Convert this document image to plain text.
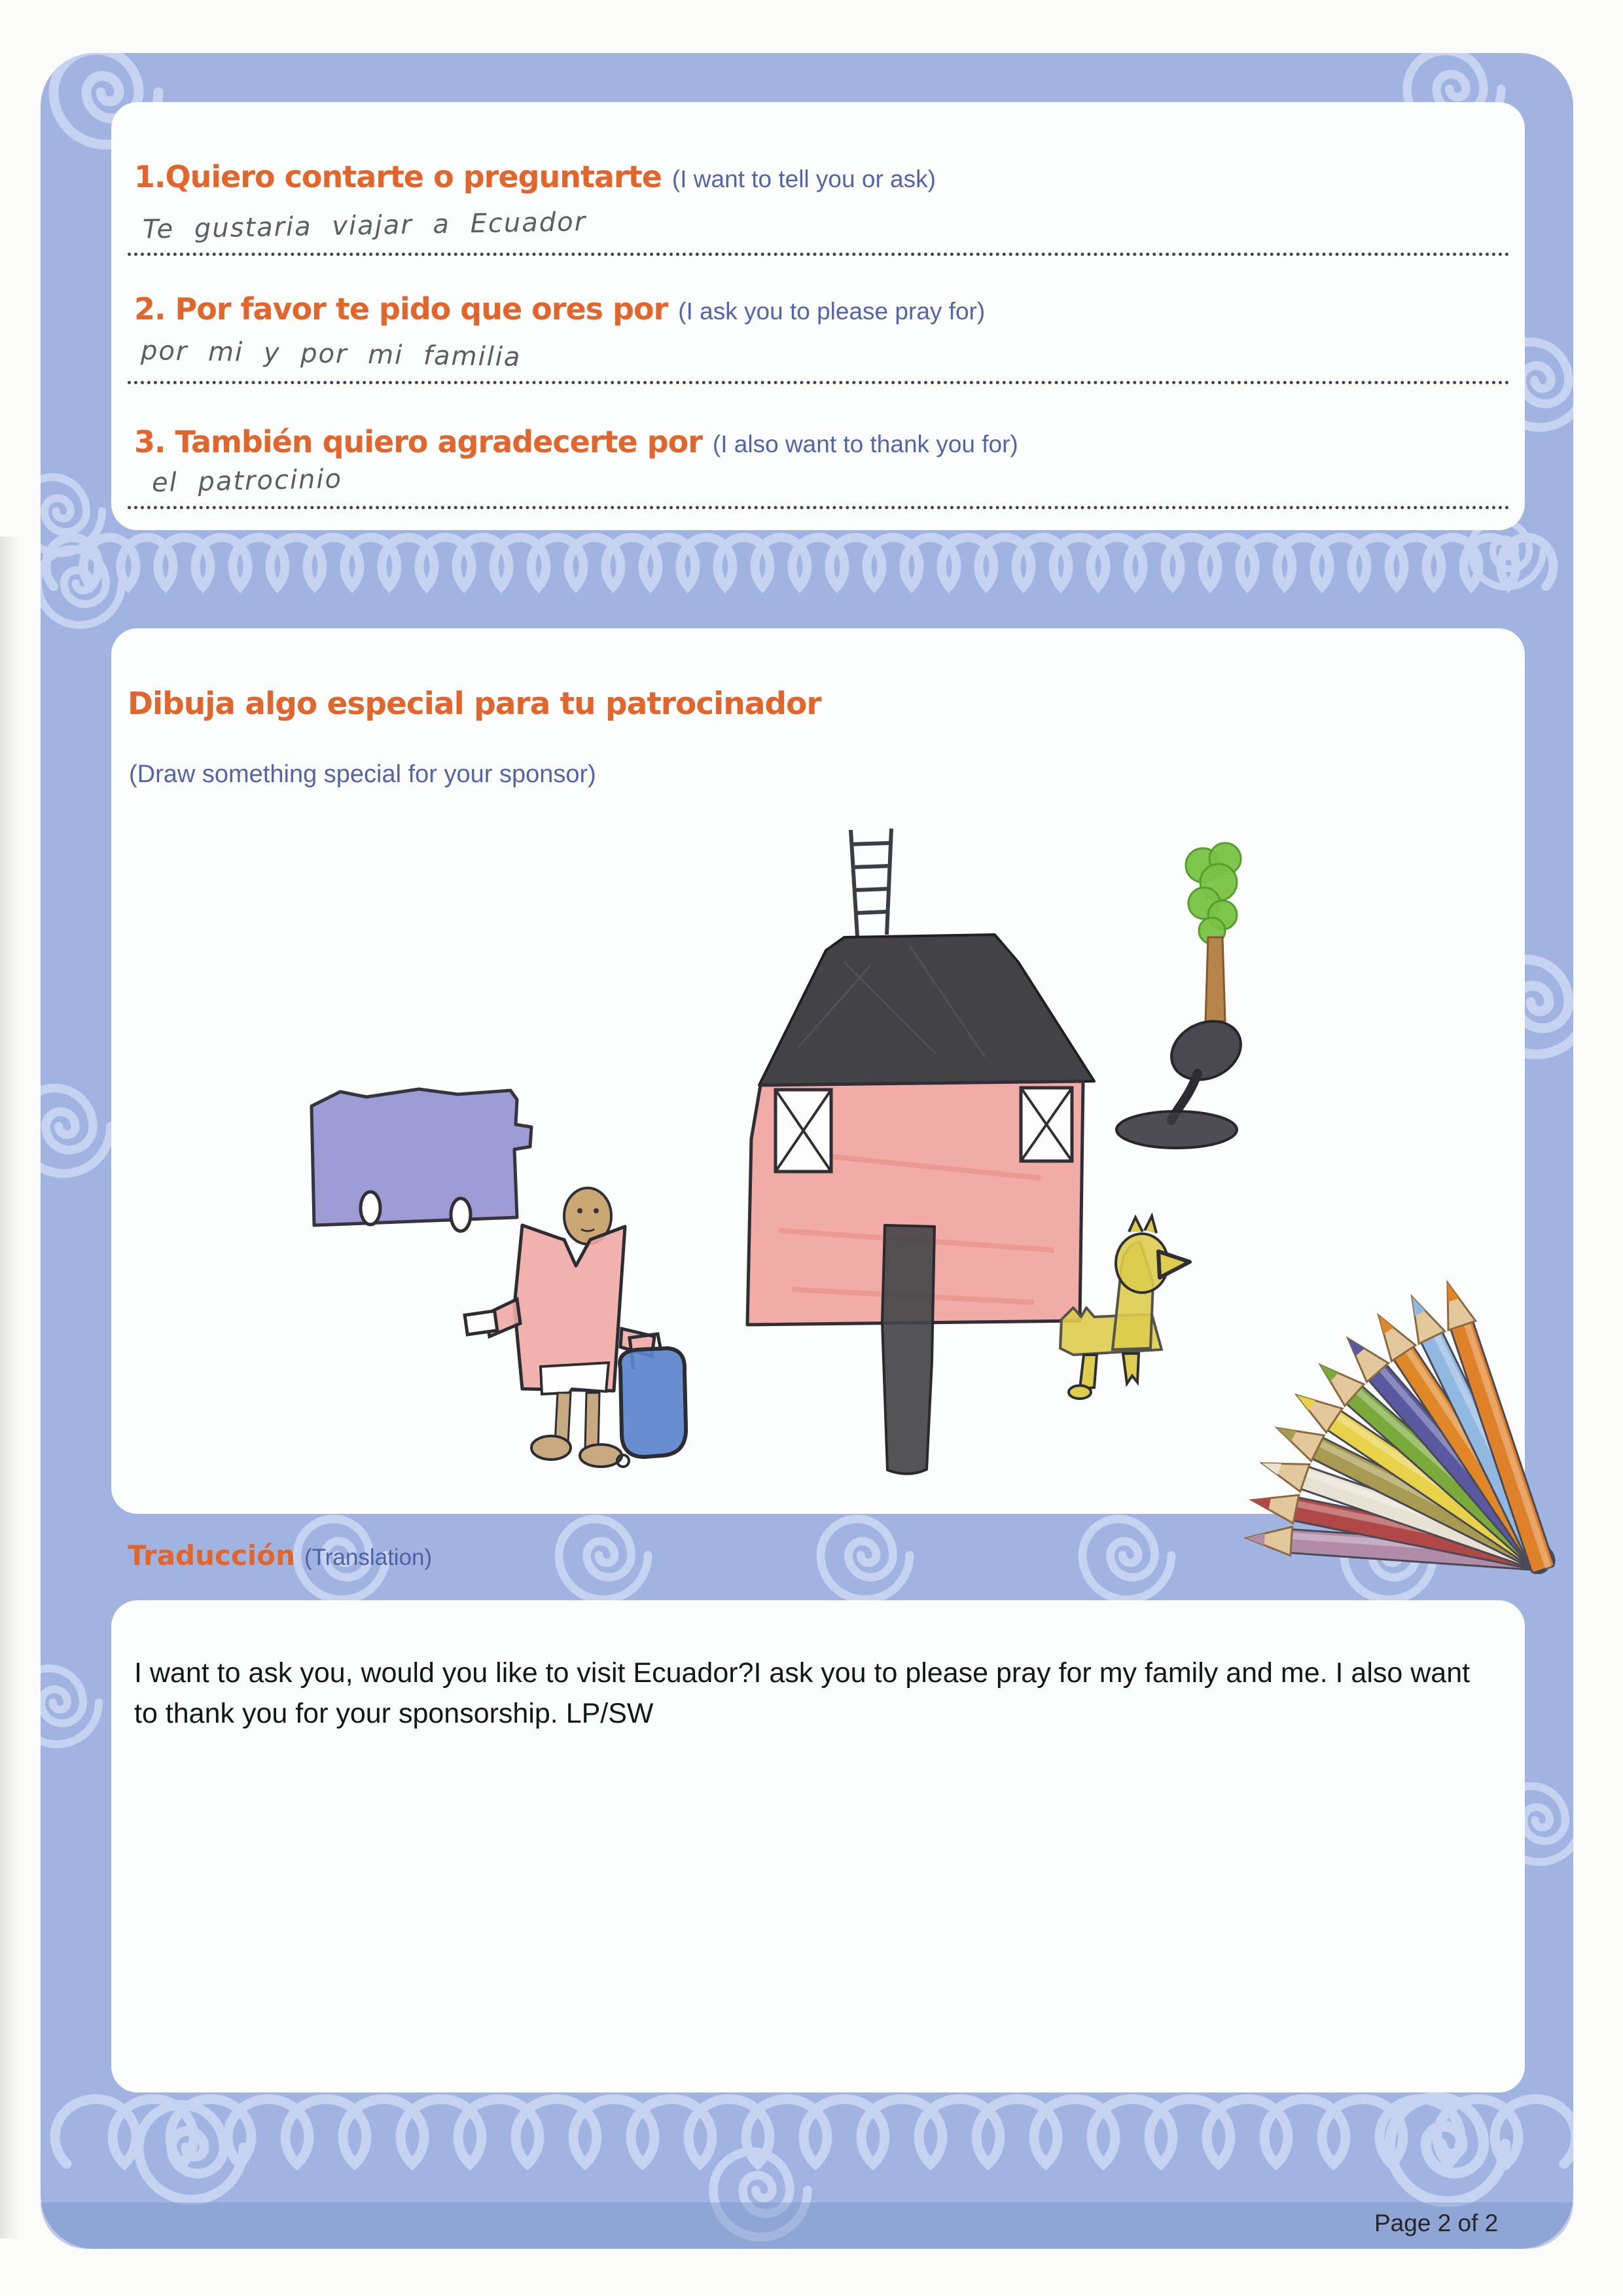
1.Quiero contarte o preguntarte (I want to tell you or ask)
Te gustaria viajar a Ecuador
2. Por favor te pido que ores por (I ask you to please pray for)
por mi y por mi familia
3. También quiero agradecerte por (I also want to thank you for)
el patrocinio
Dibuja algo especial para tu patrocinador
(Draw something special for your sponsor)
Traducción (Translation)
I want to ask you, would you like to visit Ecuador?I ask you to please pray for my family and me. I also want to thank you for your sponsorship. LP/SW
Page 2 of 2
